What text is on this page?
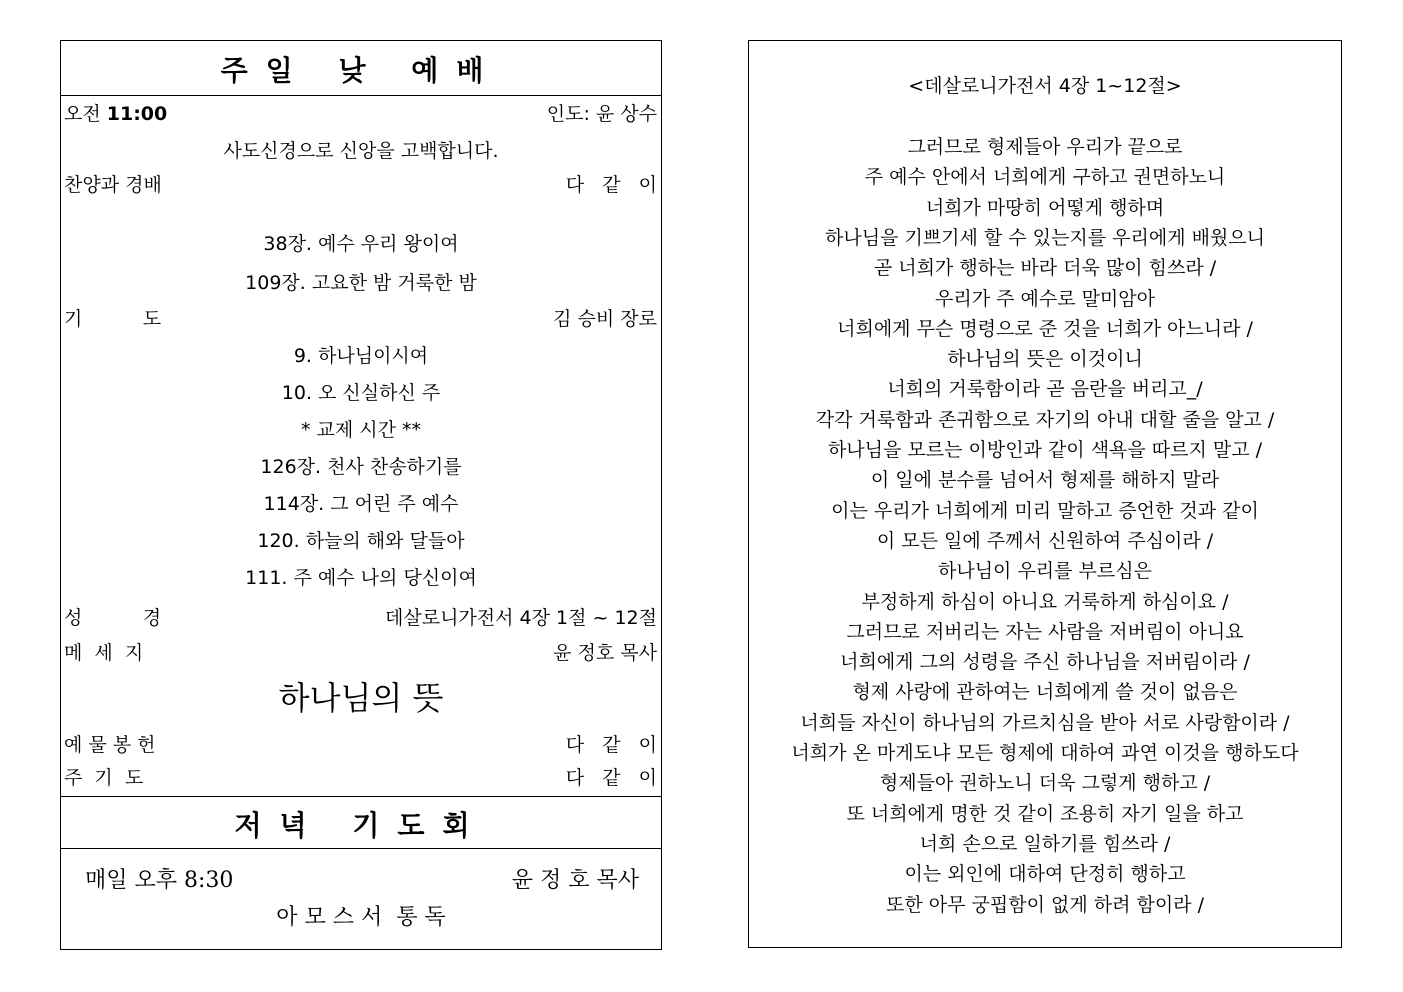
주일 낮 예배
오전 11:00	인도: 윤 상수
사도신경으로 신앙을 고백합니다.
찬양과 경배	다   같   이
38장. 예수 우리 왕이여
109장. 고요한 밤 거룩한 밤
기          도	김 승비 장로
9. 하나님이시여
10. 오 신실하신 주
* 교제 시간 **
126장. 천사 찬송하기를
114장. 그 어린 주 예수
120. 하늘의 해와 달들아
111. 주 예수 나의 당신이여
성          경	데살로니가전서 4장 1절 ~ 12절
메  세  지	윤 정호 목사
하나님의 뜻
예 물 봉 헌	다   같   이
주  기  도	다   같   이
저녁 기도회
매일 오후 8:30	윤 정 호 목사
아 모 스 서  통 독
<데살로니가전서 4장 1~12절>
그러므로 형제들아 우리가 끝으로
주 예수 안에서 너희에게 구하고 권면하노니
너희가 마땅히 어떻게 행하며
하나님을 기쁘기세 할 수 있는지를 우리에게 배웠으니
곧 너희가 행하는 바라 더욱 많이 힘쓰라 /
우리가 주 예수로 말미암아
너희에게 무슨 명령으로 준 것을 너희가 아느니라 /
하나님의 뜻은 이것이니
너희의 거룩함이라 곧 음란을 버리고_/
각각 거룩함과 존귀함으로 자기의 아내 대할 줄을 알고 /
하나님을 모르는 이방인과 같이 색욕을 따르지 말고 /
이 일에 분수를 넘어서 형제를 해하지 말라
이는 우리가 너희에게 미리 말하고 증언한 것과 같이
이 모든 일에 주께서 신원하여 주심이라 /
하나님이 우리를 부르심은
부정하게 하심이 아니요 거룩하게 하심이요 /
그러므로 저버리는 자는 사람을 저버림이 아니요
너희에게 그의 성령을 주신 하나님을 저버림이라 /
형제 사랑에 관하여는 너희에게 쓸 것이 없음은
너희들 자신이 하나님의 가르치심을 받아 서로 사랑함이라 /
너희가 온 마게도냐 모든 형제에 대하여 과연 이것을 행하도다
형제들아 권하노니 더욱 그렇게 행하고 /
또 너희에게 명한 것 같이 조용히 자기 일을 하고
너희 손으로 일하기를 힘쓰라 /
이는 외인에 대하여 단정히 행하고
또한 아무 궁핍함이 없게 하려 함이라 /
